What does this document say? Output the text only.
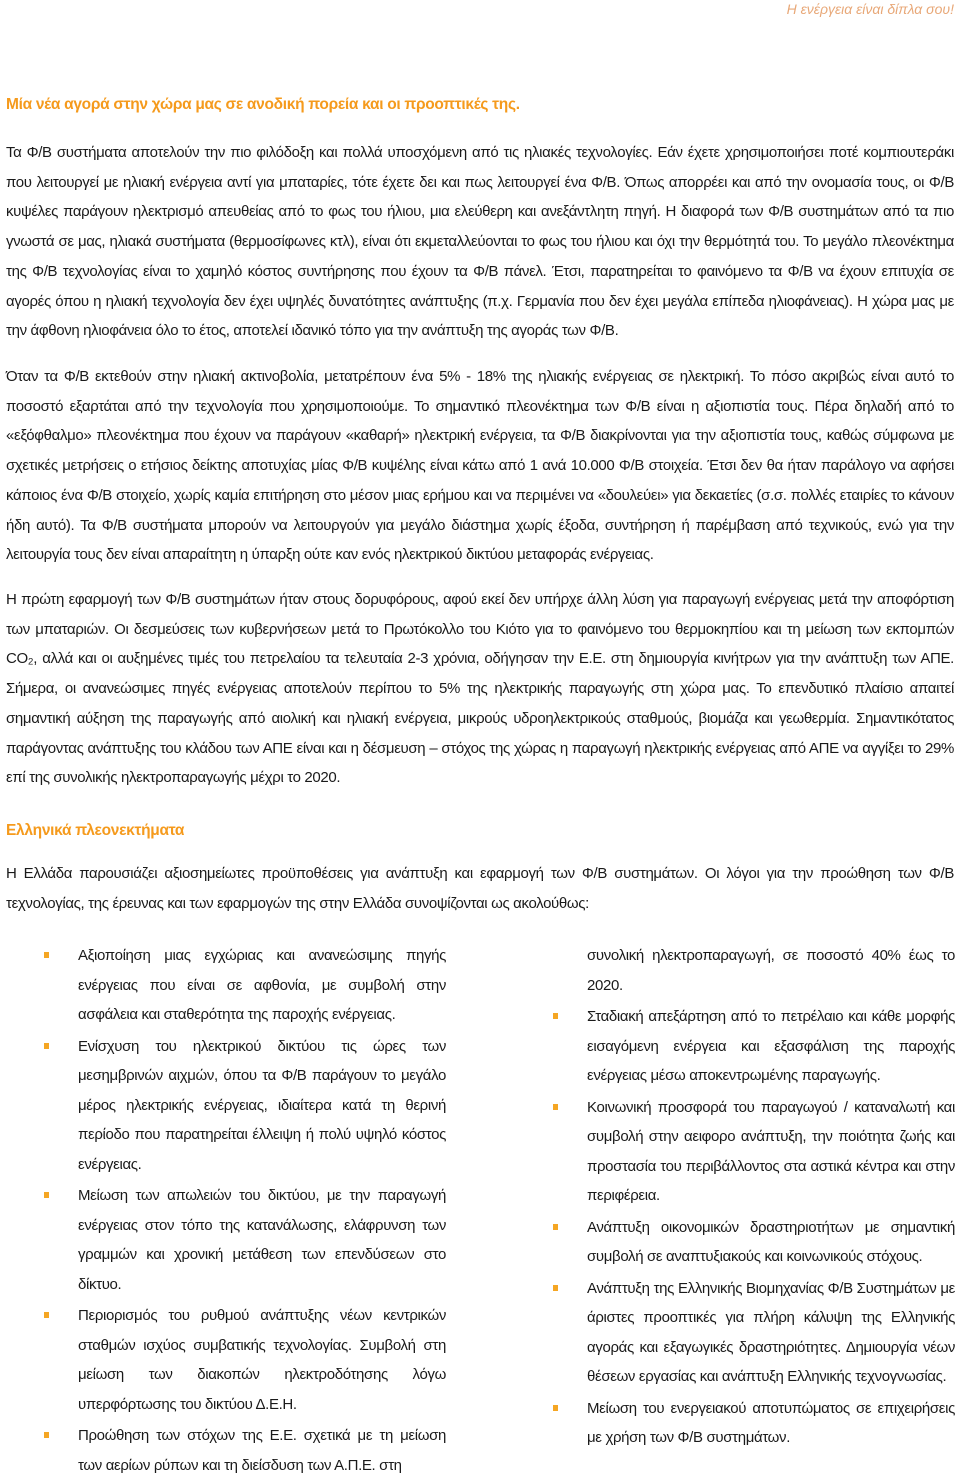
Η ενέργεια είναι δίπλα σου!
Μία νέα αγορά στην χώρα μας σε ανοδική πορεία και οι προοπτικές της.

Τα Φ/Β συστήματα αποτελούν την πιο φιλόδοξη και πολλά υποσχόμενη από τις ηλιακές τεχνολογίες. Εάν έχετε χρησιμοποιήσει ποτέ κομπιουτεράκι που λειτουργεί με ηλιακή ενέργεια αντί για μπαταρίες, τότε έχετε δει και πως λειτουργεί ένα Φ/Β. Όπως απορρέει και από την ονομασία τους, οι Φ/Β κυψέλες παράγουν ηλεκτρισμό απευθείας από το φως του ήλιου, μια ελεύθερη και ανεξάντλητη πηγή. Η διαφορά των Φ/Β συστημάτων από τα πιο γνωστά σε μας, ηλιακά συστήματα (θερμοσίφωνες κτλ), είναι ότι εκμεταλλεύονται το φως του ήλιου και όχι την θερμότητά του. Το μεγάλο πλεονέκτημα της Φ/Β τεχνολογίας είναι το χαμηλό κόστος συντήρησης που έχουν τα Φ/Β πάνελ. Έτσι, παρατηρείται το φαινόμενο τα Φ/Β να έχουν επιτυχία σε αγορές όπου η ηλιακή τεχνολογία δεν έχει υψηλές δυνατότητες ανάπτυξης (π.χ. Γερμανία που δεν έχει μεγάλα επίπεδα ηλιοφάνειας). Η χώρα μας με την άφθονη ηλιοφάνεια όλο το έτος, αποτελεί ιδανικό τόπο για την ανάπτυξη της αγοράς των Φ/Β.

Όταν τα Φ/Β εκτεθούν στην ηλιακή ακτινοβολία, μετατρέπουν ένα 5% - 18% της ηλιακής ενέργειας σε ηλεκτρική. Το πόσο ακριβώς είναι αυτό το ποσοστό εξαρτάται από την τεχνολογία που χρησιμοποιούμε. Το σημαντικό πλεονέκτημα των Φ/Β είναι η αξιοπιστία τους. Πέρα δηλαδή από το «εξόφθαλμο» πλεονέκτημα που έχουν να παράγουν «καθαρή» ηλεκτρική ενέργεια, τα Φ/Β διακρίνονται για την αξιοπιστία τους, καθώς σύμφωνα με σχετικές μετρήσεις ο ετήσιος δείκτης αποτυχίας μίας Φ/Β κυψέλης είναι κάτω από 1 ανά 10.000 Φ/Β στοιχεία. Έτσι δεν θα ήταν παράλογο να αφήσει κάποιος ένα Φ/Β στοιχείο, χωρίς καμία επιτήρηση στο μέσον μιας ερήμου και να περιμένει να «δουλεύει» για δεκαετίες (σ.σ. πολλές εταιρίες το κάνουν ήδη αυτό). Τα Φ/Β συστήματα μπορούν να λειτουργούν για μεγάλο διάστημα χωρίς έξοδα, συντήρηση ή παρέμβαση από τεχνικούς, ενώ για την λειτουργία τους δεν είναι απαραίτητη η ύπαρξη ούτε καν ενός ηλεκτρικού δικτύου μεταφοράς ενέργειας.

Η πρώτη εφαρμογή των Φ/Β συστημάτων ήταν στους δορυφόρους, αφού εκεί δεν υπήρχε άλλη λύση για παραγωγή ενέργειας μετά την αποφόρτιση των μπαταριών. Οι δεσμεύσεις των κυβερνήσεων μετά το Πρωτόκολλο του Κιότο για το φαινόμενο του θερμοκηπίου και τη μείωση των εκπομπών CO₂, αλλά και οι αυξημένες τιμές του πετρελαίου τα τελευταία 2-3 χρόνια, οδήγησαν την Ε.Ε. στη δημιουργία κινήτρων για την ανάπτυξη των ΑΠΕ. Σήμερα, οι ανανεώσιμες πηγές ενέργειας αποτελούν περίπου το 5% της ηλεκτρικής παραγωγής στη χώρα μας. Το επενδυτικό πλαίσιο απαιτεί σημαντική αύξηση της παραγωγής από αιολική και ηλιακή ενέργεια, μικρούς υδροηλεκτρικούς σταθμούς, βιομάζα και γεωθερμία. Σημαντικότατος παράγοντας ανάπτυξης του κλάδου των ΑΠΕ είναι και η δέσμευση – στόχος της χώρας η παραγωγή ηλεκτρικής ενέργειας από ΑΠΕ να αγγίξει το 29% επί της συνολικής ηλεκτροπαραγωγής μέχρι το 2020.

Ελληνικά πλεονεκτήματα

Η Ελλάδα παρουσιάζει αξιοσημείωτες προϋποθέσεις για ανάπτυξη και εφαρμογή των Φ/Β συστημάτων. Οι λόγοι για την προώθηση των Φ/Β τεχνολογίας, της έρευνας και των εφαρμογών της στην Ελλάδα συνοψίζονται ως ακολούθως:

Αξιοποίηση μιας εγχώριας και ανανεώσιμης πηγής ενέργειας που είναι σε αφθονία, με συμβολή στην ασφάλεια και σταθερότητα της παροχής ενέργειας.
Ενίσχυση του ηλεκτρικού δικτύου τις ώρες των μεσημβρινών αιχμών, όπου τα Φ/Β παράγουν το μεγάλο μέρος ηλεκτρικής ενέργειας, ιδιαίτερα κατά τη θερινή περίοδο που παρατηρείται έλλειψη ή πολύ υψηλό κόστος ενέργειας.
Μείωση των απωλειών του δικτύου, με την παραγωγή ενέργειας στον τόπο της κατανάλωσης, ελάφρυνση των γραμμών και χρονική μετάθεση των επενδύσεων στο δίκτυο.
Περιορισμός του ρυθμού ανάπτυξης νέων κεντρικών σταθμών ισχύος συμβατικής τεχνολογίας. Συμβολή στη μείωση των διακοπών ηλεκτροδότησης λόγω υπερφόρτωσης του δικτύου Δ.Ε.Η.
Προώθηση των στόχων της Ε.Ε. σχετικά με τη μείωση των αερίων ρύπων και τη διείσδυση των Α.Π.Ε. στη
συνολική ηλεκτροπαραγωγή, σε ποσοστό 40% έως το 2020.
Σταδιακή απεξάρτηση από το πετρέλαιο και κάθε μορφής εισαγόμενη ενέργεια και εξασφάλιση της παροχής ενέργειας μέσω αποκεντρωμένης παραγωγής.
Κοινωνική προσφορά του παραγωγού / καταναλωτή και συμβολή στην αειφορο ανάπτυξη, την ποιότητα ζωής και προστασία του περιβάλλοντος στα αστικά κέντρα και στην περιφέρεια.
Ανάπτυξη οικονομικών δραστηριοτήτων με σημαντική συμβολή σε αναπτυξιακούς και κοινωνικούς στόχους.
Ανάπτυξη της Ελληνικής Βιομηχανίας Φ/Β Συστημάτων με άριστες προοπτικές για πλήρη κάλυψη της Ελληνικής αγοράς και εξαγωγικές δραστηριότητες. Δημιουργία νέων θέσεων εργασίας και ανάπτυξη Ελληνικής τεχνογνωσίας.
Μείωση του ενεργειακού αποτυπώματος σε επιχειρήσεις με χρήση των Φ/Β συστημάτων.
